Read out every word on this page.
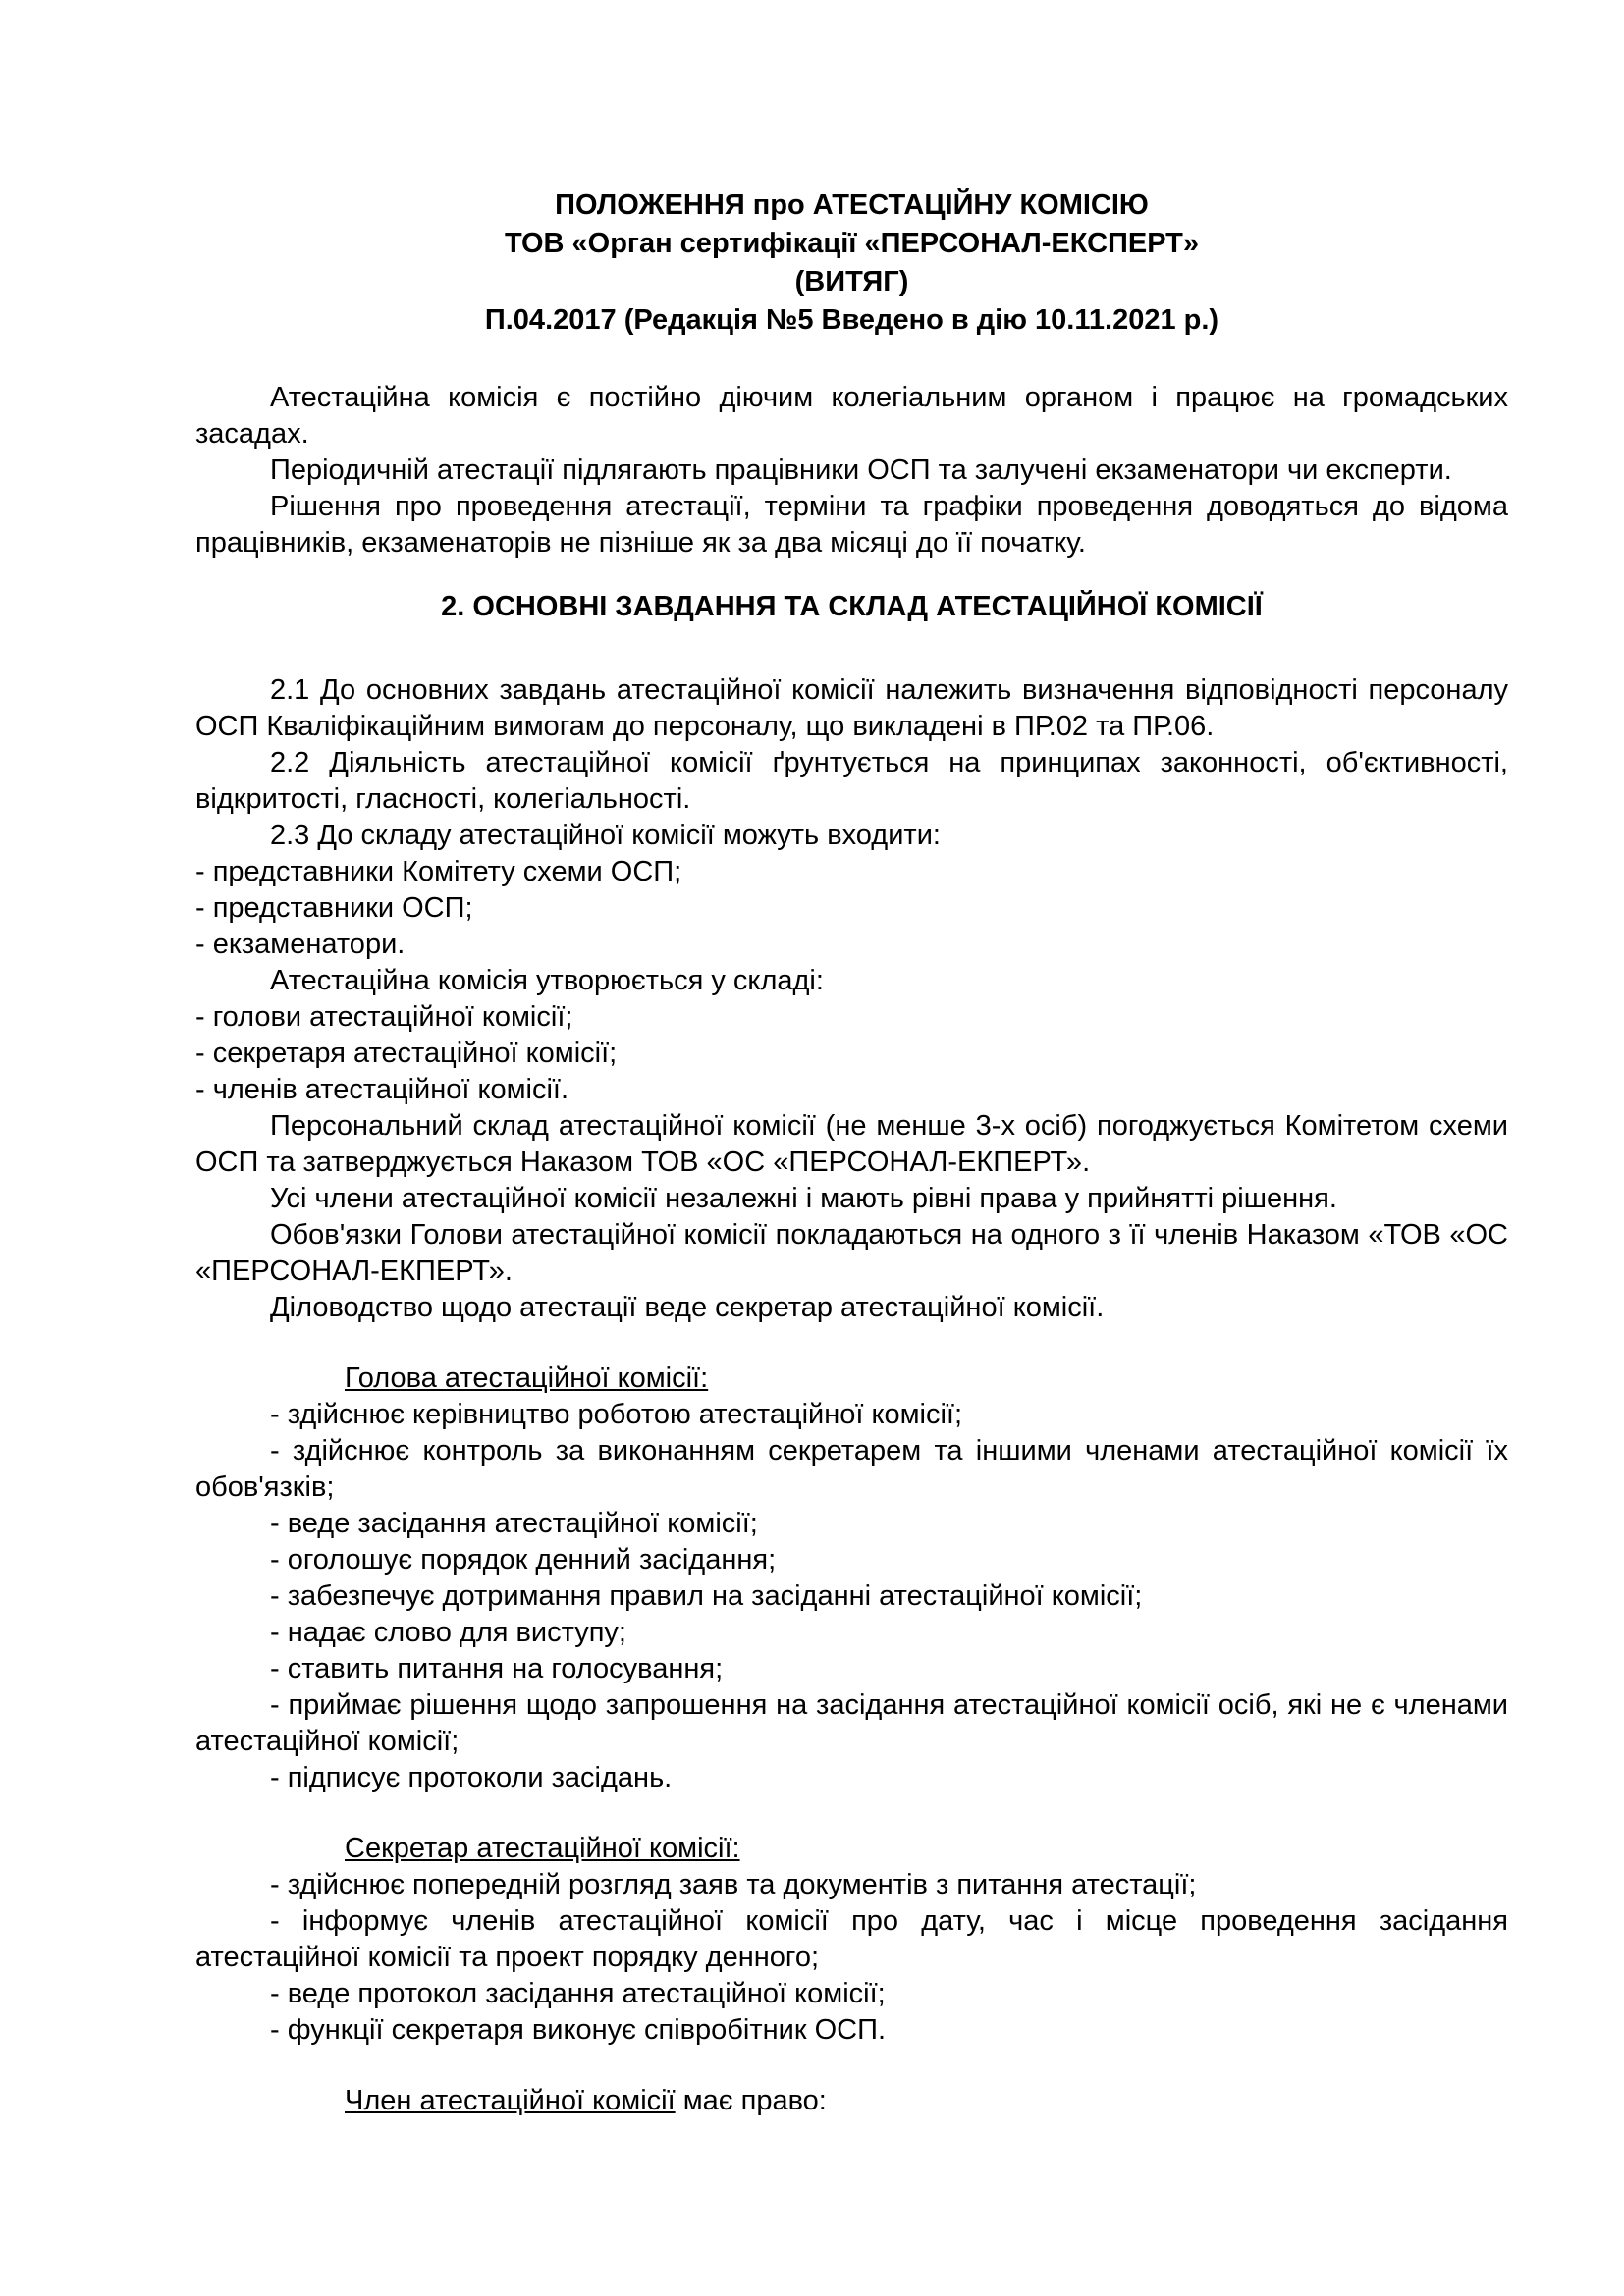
ПОЛОЖЕННЯ про АТЕСТАЦІЙНУ КОМІСІЮ
ТОВ «Орган сертифікації «ПЕРСОНАЛ-ЕКСПЕРТ»
(ВИТЯГ)
П.04.2017 (Редакція №5 Введено в дію 10.11.2021 р.)

Атестаційна комісія є постійно діючим колегіальним органом і працює на громадських засадах.

Періодичній атестації підлягають працівники ОСП та залучені екзаменатори чи експерти.

Рішення про проведення атестації, терміни та графіки проведення доводяться до відома працівників, екзаменаторів не пізніше як за два місяці до її початку.

2. ОСНОВНІ ЗАВДАННЯ ТА СКЛАД АТЕСТАЦІЙНОЇ КОМІСІЇ

2.1 До основних завдань атестаційної комісії належить визначення відповідності персоналу ОСП Кваліфікаційним вимогам до персоналу, що викладені в ПР.02 та ПР.06.

2.2 Діяльність атестаційної комісії ґрунтується на принципах законності, об'єктивності, відкритості, гласності, колегіальності.

2.3 До складу атестаційної комісії можуть входити:

- представники Комітету схеми ОСП;

- представники ОСП;

- екзаменатори.

Атестаційна комісія утворюється у складі:

- голови атестаційної комісії;

- секретаря атестаційної комісії;

- членів атестаційної комісії.

Персональний склад атестаційної комісії (не менше 3-х осіб) погоджується Комітетом схеми ОСП та затверджується Наказом ТОВ «ОС «ПЕРСОНАЛ-ЕКПЕРТ».

Усі члени атестаційної комісії незалежні і мають рівні права у прийнятті рішення.

Обов'язки Голови атестаційної комісії покладаються на одного з її членів Наказом «ТОВ «ОС «ПЕРСОНАЛ-ЕКПЕРТ».

Діловодство щодо атестації веде секретар атестаційної комісії.

Голова атестаційної комісії:

- здійснює керівництво роботою атестаційної комісії;

- здійснює контроль за виконанням секретарем та іншими членами атестаційної комісії їх обов'язків;

- веде засідання атестаційної комісії;

- оголошує порядок денний засідання;

- забезпечує дотримання правил на засіданні атестаційної комісії;

- надає слово для виступу;

- ставить питання на голосування;

- приймає рішення щодо запрошення на засідання атестаційної комісії осіб, які не є членами атестаційної комісії;

- підписує протоколи засідань.

Секретар атестаційної комісії:

- здійснює попередній розгляд заяв та документів з питання атестації;

- інформує членів атестаційної комісії про дату, час і місце проведення засідання атестаційної комісії та проект порядку денного;

- веде протокол засідання атестаційної комісії;

- функції секретаря виконує співробітник ОСП.

Член атестаційної комісії має право:
